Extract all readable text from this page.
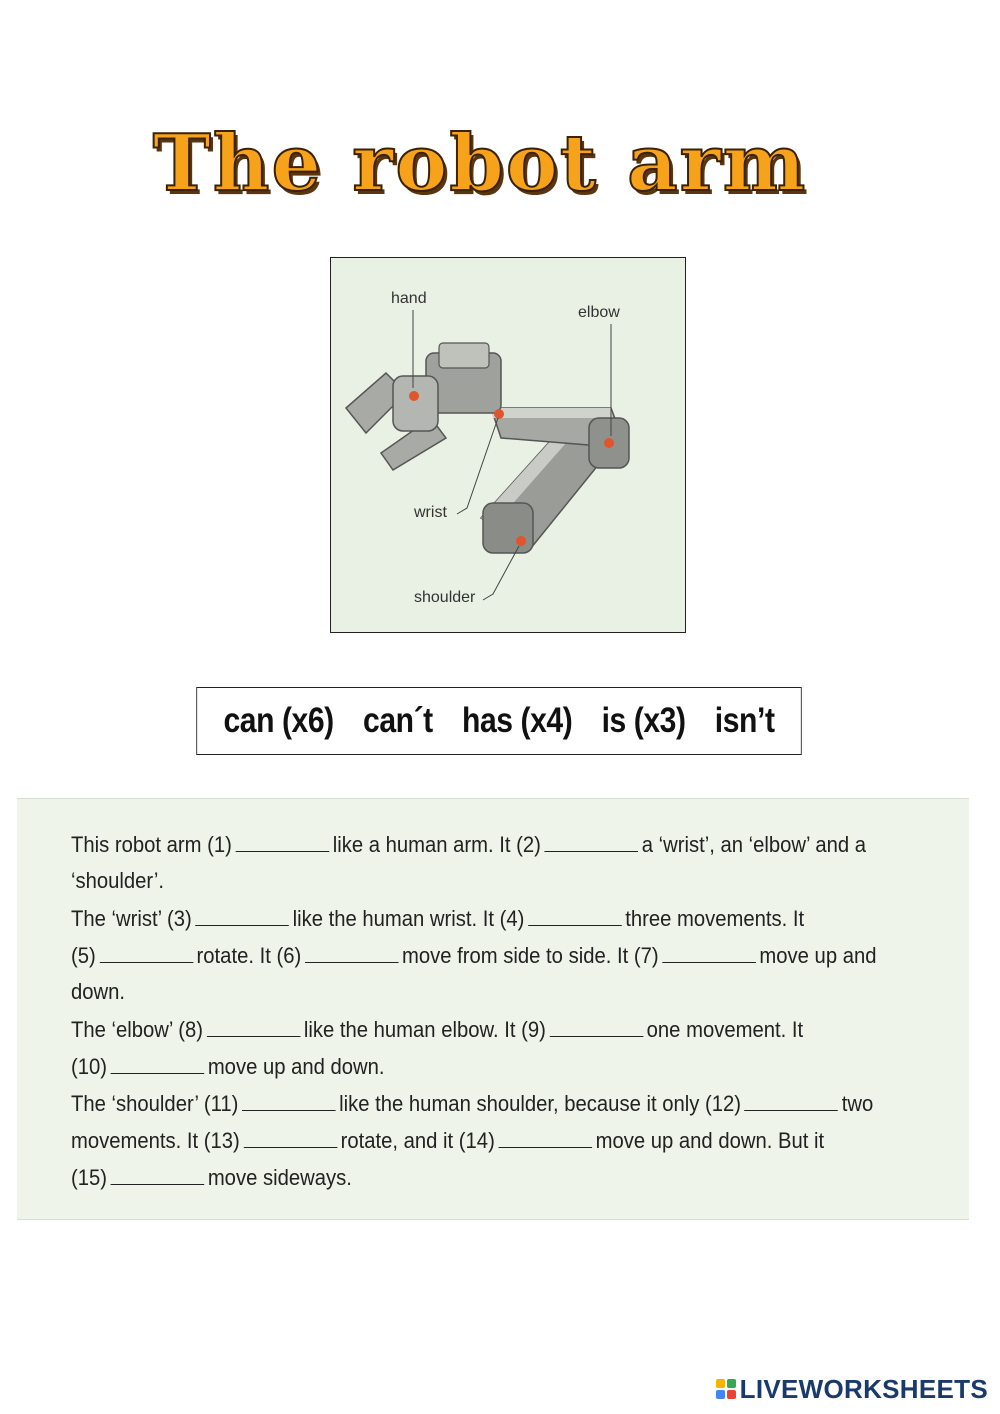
The robot arm
hand
elbow
wrist
shoulder
can (x6) can´t has (x4) is (x3) isn’t
This robot arm (1)	like a human arm. It (2)	a ‘wrist’, an ‘elbow’ and a
‘shoulder’.
The ‘wrist’ (3)	like the human wrist. It (4)	three movements. It
(5)	rotate. It (6)	move from side to side. It (7)	move up and
down.
The ‘elbow’ (8)	like the human elbow. It (9)	one movement. It
(10)	move up and down.
The ‘shoulder’ (11)	like the human shoulder, because it only (12)	two
movements. It (13)	rotate, and it (14)	move up and down. But it
(15)	move sideways.
LIVEWORKSHEETS
